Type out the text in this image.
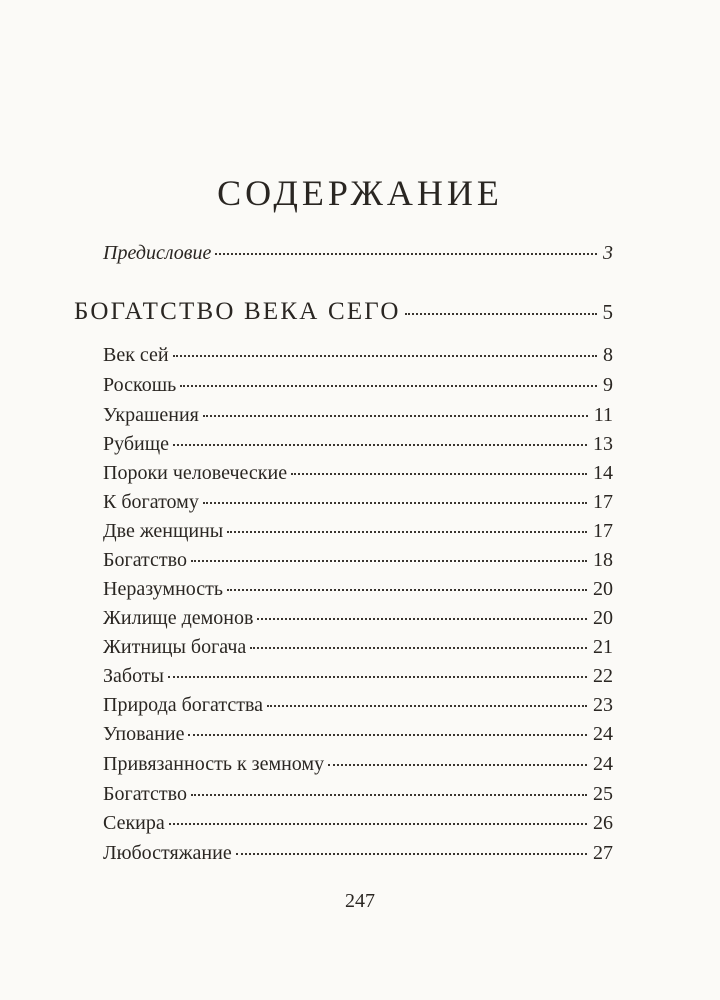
СОДЕРЖАНИЕ
Предисловие	3
БОГАТСТВО ВЕКА СЕГО	5
Век сей	8
Роскошь	9
Украшения	11
Рубище	13
Пороки человеческие	14
К богатому	17
Две женщины	17
Богатство	18
Неразумность	20
Жилище демонов	20
Житницы богача	21
Заботы	22
Природа богатства	23
Упование	24
Привязанность к земному	24
Богатство	25
Секира	26
Любостяжание	27
247
